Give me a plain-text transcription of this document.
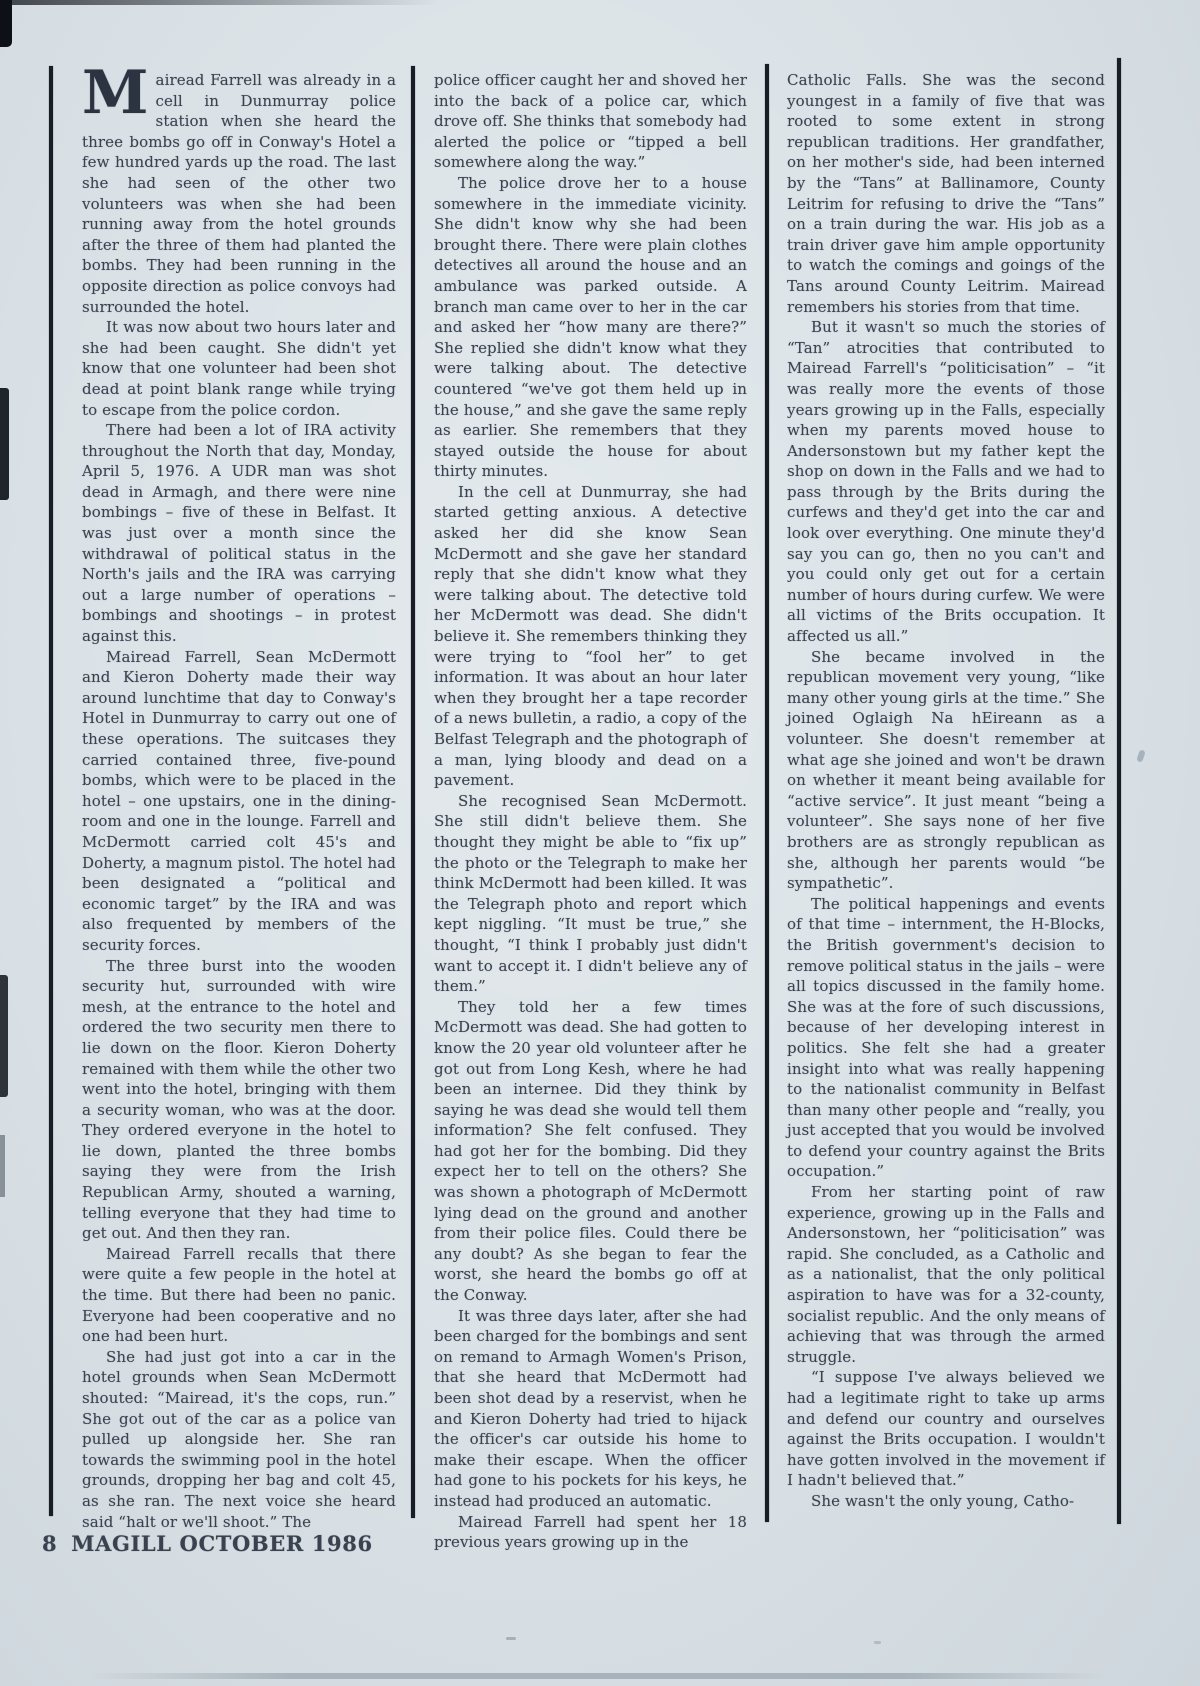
Mairead Farrell was already in a cell in Dunmurray police station when she heard the three bombs go off in Conway's Hotel a few hundred yards up the road. The last she had seen of the other two volunteers was when she had been running away from the hotel grounds after the three of them had planted the bombs. They had been running in the opposite direction as police convoys had surrounded the hotel.

It was now about two hours later and she had been caught. She didn't yet know that one volunteer had been shot dead at point blank range while trying to escape from the police cordon.

There had been a lot of IRA activity throughout the North that day, Monday, April 5, 1976. A UDR man was shot dead in Armagh, and there were nine bombings – five of these in Belfast. It was just over a month since the withdrawal of political status in the North's jails and the IRA was carrying out a large number of operations – bombings and shootings – in protest against this.

Mairead Farrell, Sean McDermott and Kieron Doherty made their way around lunchtime that day to Conway's Hotel in Dunmurray to carry out one of these operations. The suitcases they carried contained three, five-pound bombs, which were to be placed in the hotel – one upstairs, one in the dining-room and one in the lounge. Farrell and McDermott carried colt 45's and Doherty, a magnum pistol. The hotel had been designated a “political and economic target” by the IRA and was also frequented by members of the security forces.

The three burst into the wooden security hut, surrounded with wire mesh, at the entrance to the hotel and ordered the two security men there to lie down on the floor. Kieron Doherty remained with them while the other two went into the hotel, bringing with them a security woman, who was at the door. They ordered everyone in the hotel to lie down, planted the three bombs saying they were from the Irish Republican Army, shouted a warning, telling everyone that they had time to get out. And then they ran.

Mairead Farrell recalls that there were quite a few people in the hotel at the time. But there had been no panic. Everyone had been cooperative and no one had been hurt.

She had just got into a car in the hotel grounds when Sean McDermott shouted: “Mairead, it's the cops, run.” She got out of the car as a police van pulled up alongside her. She ran towards the swimming pool in the hotel grounds, dropping her bag and colt 45, as she ran. The next voice she heard said “halt or we'll shoot.” The

police officer caught her and shoved her into the back of a police car, which drove off. She thinks that somebody had alerted the police or “tipped a bell somewhere along the way.”

The police drove her to a house somewhere in the immediate vicinity. She didn't know why she had been brought there. There were plain clothes detectives all around the house and an ambulance was parked outside. A branch man came over to her in the car and asked her “how many are there?” She replied she didn't know what they were talking about. The detective countered “we've got them held up in the house,” and she gave the same reply as earlier. She remembers that they stayed outside the house for about thirty minutes.

In the cell at Dunmurray, she had started getting anxious. A detective asked her did she know Sean McDermott and she gave her standard reply that she didn't know what they were talking about. The detective told her McDermott was dead. She didn't believe it. She remembers thinking they were trying to “fool her” to get information. It was about an hour later when they brought her a tape recorder of a news bulletin, a radio, a copy of the Belfast Telegraph and the photograph of a man, lying bloody and dead on a pavement.

She recognised Sean McDermott. She still didn't believe them. She thought they might be able to “fix up” the photo or the Telegraph to make her think McDermott had been killed. It was the Telegraph photo and report which kept niggling. “It must be true,” she thought, “I think I probably just didn't want to accept it. I didn't believe any of them.”

They told her a few times McDermott was dead. She had gotten to know the 20 year old volunteer after he got out from Long Kesh, where he had been an internee. Did they think by saying he was dead she would tell them information? She felt confused. They had got her for the bombing. Did they expect her to tell on the others? She was shown a photograph of McDermott lying dead on the ground and another from their police files. Could there be any doubt? As she began to fear the worst, she heard the bombs go off at the Conway.

It was three days later, after she had been charged for the bombings and sent on remand to Armagh Women's Prison, that she heard that McDermott had been shot dead by a reservist, when he and Kieron Doherty had tried to hijack the officer's car outside his home to make their escape. When the officer had gone to his pockets for his keys, he instead had produced an automatic.

Mairead Farrell had spent her 18 previous years growing up in the

Catholic Falls. She was the second youngest in a family of five that was rooted to some extent in strong republican traditions. Her grandfather, on her mother's side, had been interned by the “Tans” at Ballinamore, County Leitrim for refusing to drive the “Tans” on a train during the war. His job as a train driver gave him ample opportunity to watch the comings and goings of the Tans around County Leitrim. Mairead remembers his stories from that time.

But it wasn't so much the stories of “Tan” atrocities that contributed to Mairead Farrell's “politicisation” – “it was really more the events of those years growing up in the Falls, especially when my parents moved house to Andersonstown but my father kept the shop on down in the Falls and we had to pass through by the Brits during the curfews and they'd get into the car and look over everything. One minute they'd say you can go, then no you can't and you could only get out for a certain number of hours during curfew. We were all victims of the Brits occupation. It affected us all.”

She became involved in the republican movement very young, “like many other young girls at the time.” She joined Oglaigh Na hEireann as a volunteer. She doesn't remember at what age she joined and won't be drawn on whether it meant being available for “active service”. It just meant “being a volunteer”. She says none of her five brothers are as strongly republican as she, although her parents would “be sympathetic”.

The political happenings and events of that time – internment, the H-Blocks, the British government's decision to remove political status in the jails – were all topics discussed in the family home. She was at the fore of such discussions, because of her developing interest in politics. She felt she had a greater insight into what was really happening to the nationalist community in Belfast than many other people and “really, you just accepted that you would be involved to defend your country against the Brits occupation.”

From her starting point of raw experience, growing up in the Falls and Andersonstown, her “politicisation” was rapid. She concluded, as a Catholic and as a nationalist, that the only political aspiration to have was for a 32-county, socialist republic. And the only means of achieving that was through the armed struggle.

“I suppose I've always believed we had a legitimate right to take up arms and defend our country and ourselves against the Brits occupation. I wouldn't have gotten involved in the movement if I hadn't believed that.”

She wasn't the only young, Catho-

8 MAGILL OCTOBER 1986
